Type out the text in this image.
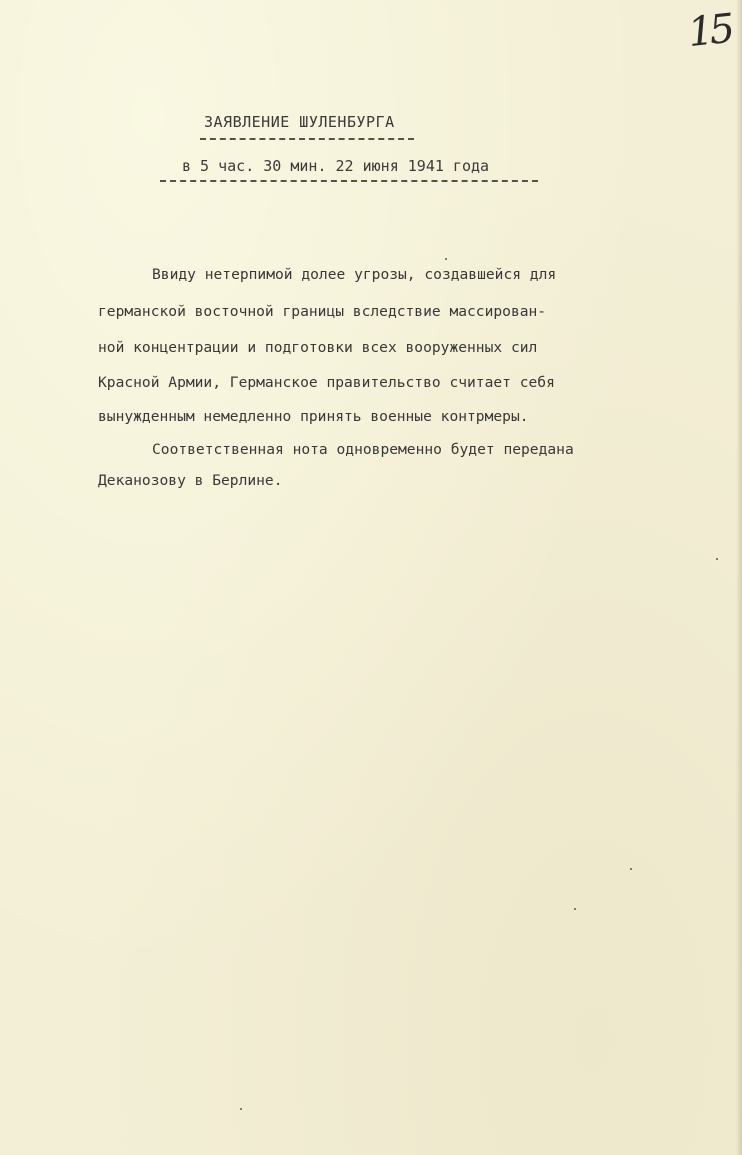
15
ЗАЯВЛЕНИЕ ШУЛЕНБУРГА
в 5 час. 30 мин. 22 июня 1941 года
Ввиду нетерпимой долеe угрозы, создавшейся для
германской восточной границы вследствие массирован-
ной концентрации и подготовки всех вооруженных сил
Красной Армии, Германское правительство считает себя
вынужденным немедленно принять военные контрмеры.
Соответственная нота одновременно будет передана
Деканозову в Берлине.
